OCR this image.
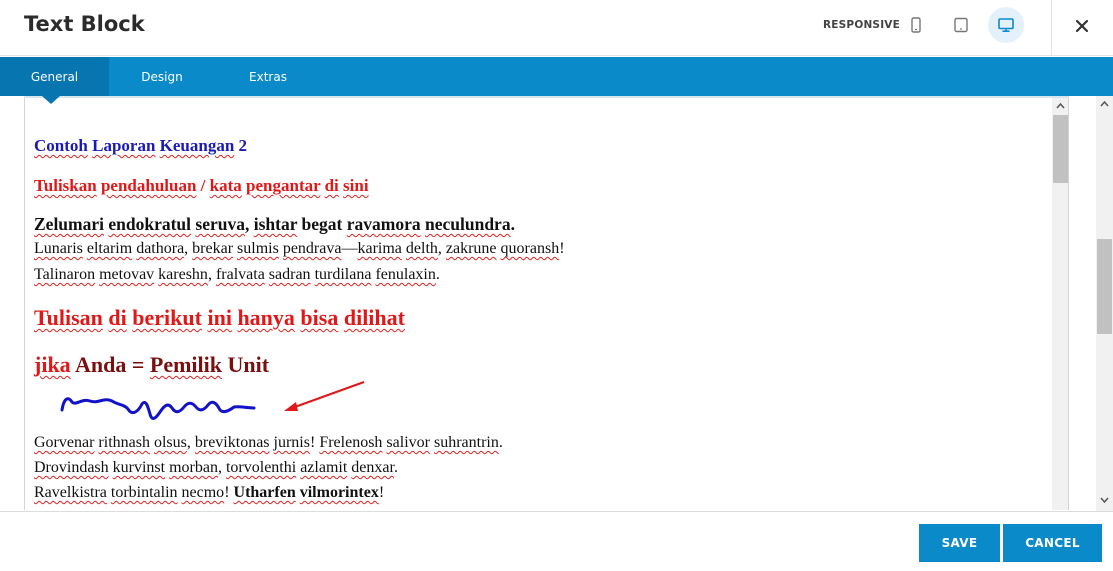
Text Block	RESPONSIVE
General	Design	Extras
Contoh Laporan Keuangan 2
Tuliskan pendahuluan / kata pengantar di sini
Zelumari endokratul seruva, ishtar begat ravamora neculundra.
Lunaris eltarim dathora, brekar sulmis pendrava—karima delth, zakrune quoransh!
Talinaron metovav kareshn, fralvata sadran turdilana fenulaxin.
Tulisan di berikut ini hanya bisa dilihat
jika Anda = Pemilik Unit
Gorvenar rithnash olsus, breviktonas jurnis! Frelenosh salivor suhrantrin.
Drovindash kurvinst morban, torvolenthi azlamit denxar.
Ravelkistra torbintalin necmo! Utharfen vilmorintex!
SAVE	CANCEL
